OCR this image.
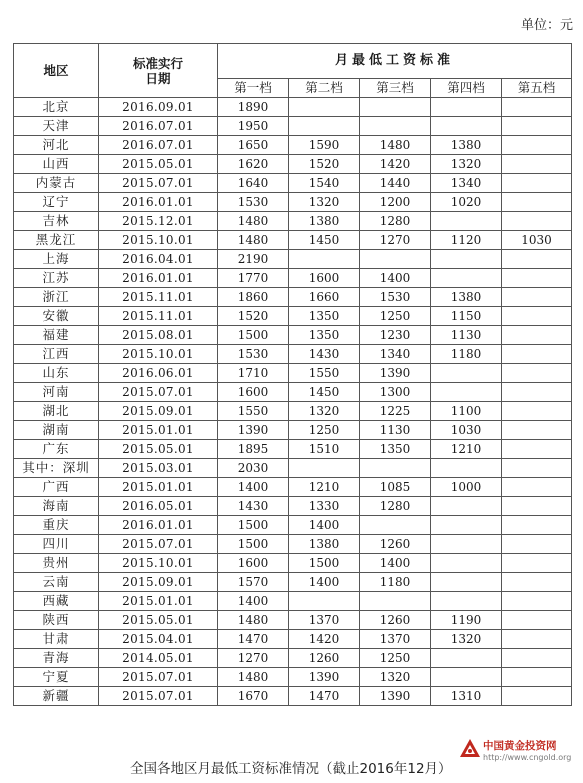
单位：元
地区	标准实行
日期	月最低工资标准				
		第一档	第二档	第三档	第四档	第五档
北京	2016.09.01	1890				
天津	2016.07.01	1950				
河北	2016.07.01	1650	1590	1480	1380	
山西	2015.05.01	1620	1520	1420	1320	
内蒙古	2015.07.01	1640	1540	1440	1340	
辽宁	2016.01.01	1530	1320	1200	1020	
吉林	2015.12.01	1480	1380	1280		
黑龙江	2015.10.01	1480	1450	1270	1120	1030
上海	2016.04.01	2190				
江苏	2016.01.01	1770	1600	1400		
浙江	2015.11.01	1860	1660	1530	1380	
安徽	2015.11.01	1520	1350	1250	1150	
福建	2015.08.01	1500	1350	1230	1130	
江西	2015.10.01	1530	1430	1340	1180	
山东	2016.06.01	1710	1550	1390		
河南	2015.07.01	1600	1450	1300		
湖北	2015.09.01	1550	1320	1225	1100	
湖南	2015.01.01	1390	1250	1130	1030	
广东	2015.05.01	1895	1510	1350	1210	
其中：深圳	2015.03.01	2030				
广西	2015.01.01	1400	1210	1085	1000	
海南	2016.05.01	1430	1330	1280		
重庆	2016.01.01	1500	1400			
四川	2015.07.01	1500	1380	1260		
贵州	2015.10.01	1600	1500	1400		
云南	2015.09.01	1570	1400	1180		
西藏	2015.01.01	1400				
陕西	2015.05.01	1480	1370	1260	1190	
甘肃	2015.04.01	1470	1420	1370	1320	
青海	2014.05.01	1270	1260	1250		
宁夏	2015.07.01	1480	1390	1320		
新疆	2015.07.01	1670	1470	1390	1310	
全国各地区月最低工资标准情况（截止2016年12月）
中国黄金投资网
http://www.cngold.org
